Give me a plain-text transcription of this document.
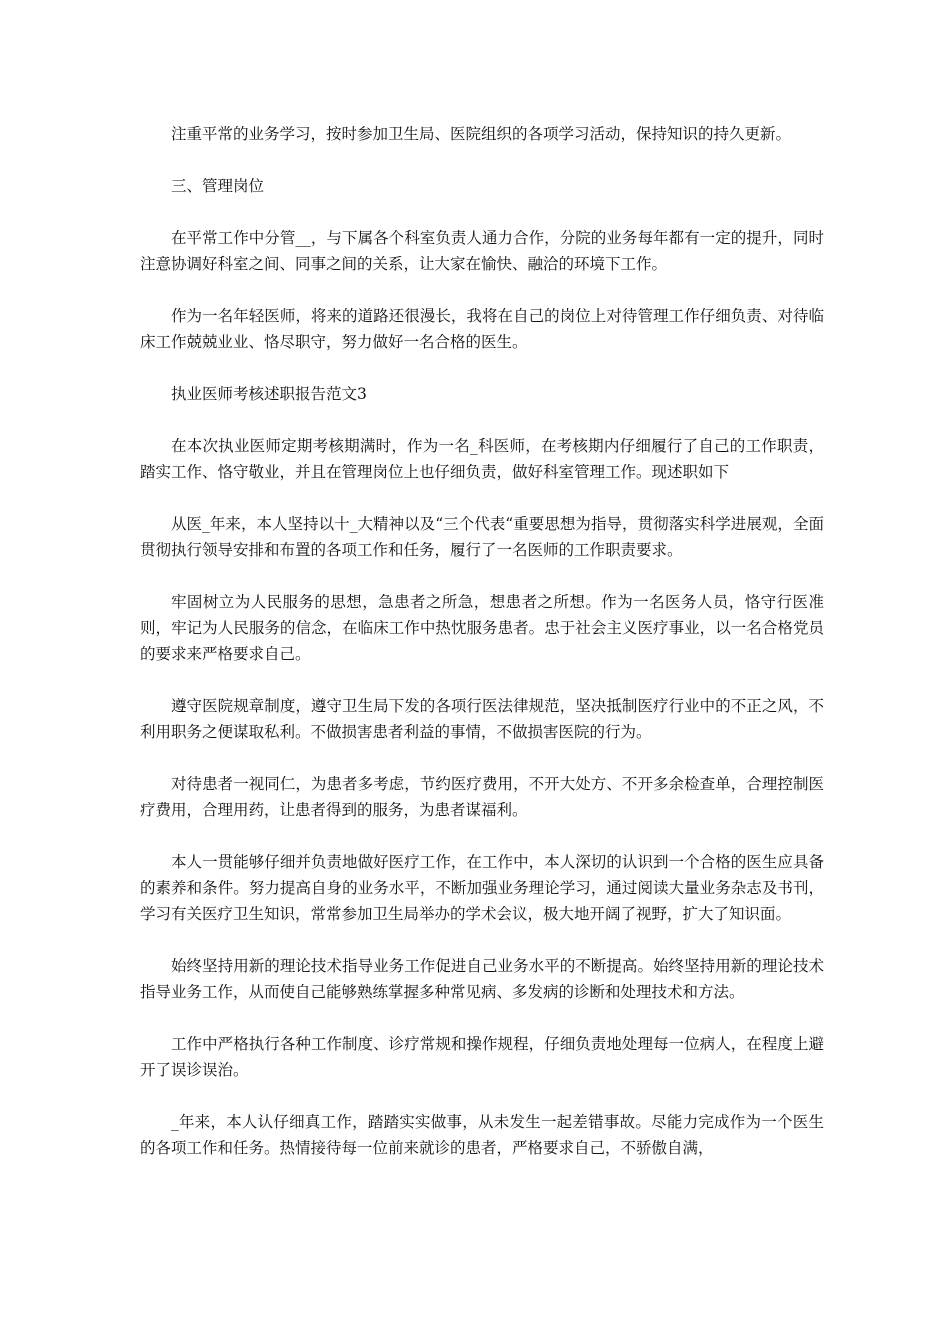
注重平常的业务学习，按时参加卫生局、医院组织的各项学习活动，保持知识的持久更新。

三、管理岗位

在平常工作中分管__，与下属各个科室负责人通力合作，分院的业务每年都有一定的提升，同时注意协调好科室之间、同事之间的关系，让大家在愉快、融洽的环境下工作。

作为一名年轻医师，将来的道路还很漫长，我将在自己的岗位上对待管理工作仔细负责、对待临床工作兢兢业业、恪尽职守，努力做好一名合格的医生。

执业医师考核述职报告范文3

在本次执业医师定期考核期满时，作为一名_科医师，在考核期内仔细履行了自己的工作职责，踏实工作、恪守敬业，并且在管理岗位上也仔细负责，做好科室管理工作。现述职如下

从医_年来，本人坚持以十_大精神以及“三个代表“重要思想为指导，贯彻落实科学进展观，全面贯彻执行领导安排和布置的各项工作和任务，履行了一名医师的工作职责要求。

牢固树立为人民服务的思想，急患者之所急，想患者之所想。作为一名医务人员，恪守行医准则，牢记为人民服务的信念，在临床工作中热忱服务患者。忠于社会主义医疗事业，以一名合格党员的要求来严格要求自己。

遵守医院规章制度，遵守卫生局下发的各项行医法律规范，坚决抵制医疗行业中的不正之风，不利用职务之便谋取私利。不做损害患者利益的事情，不做损害医院的行为。

对待患者一视同仁，为患者多考虑，节约医疗费用，不开大处方、不开多余检查单，合理控制医疗费用，合理用药，让患者得到的服务，为患者谋福利。

本人一贯能够仔细并负责地做好医疗工作，在工作中，本人深切的认识到一个合格的医生应具备的素养和条件。努力提高自身的业务水平，不断加强业务理论学习，通过阅读大量业务杂志及书刊，学习有关医疗卫生知识，常常参加卫生局举办的学术会议，极大地开阔了视野，扩大了知识面。

始终坚持用新的理论技术指导业务工作促进自己业务水平的不断提高。始终坚持用新的理论技术指导业务工作，从而使自己能够熟练掌握多种常见病、多发病的诊断和处理技术和方法。

工作中严格执行各种工作制度、诊疗常规和操作规程，仔细负责地处理每一位病人，在程度上避开了误诊误治。

_年来，本人认仔细真工作，踏踏实实做事，从未发生一起差错事故。尽能力完成作为一个医生的各项工作和任务。热情接待每一位前来就诊的患者，严格要求自己，不骄傲自满，
